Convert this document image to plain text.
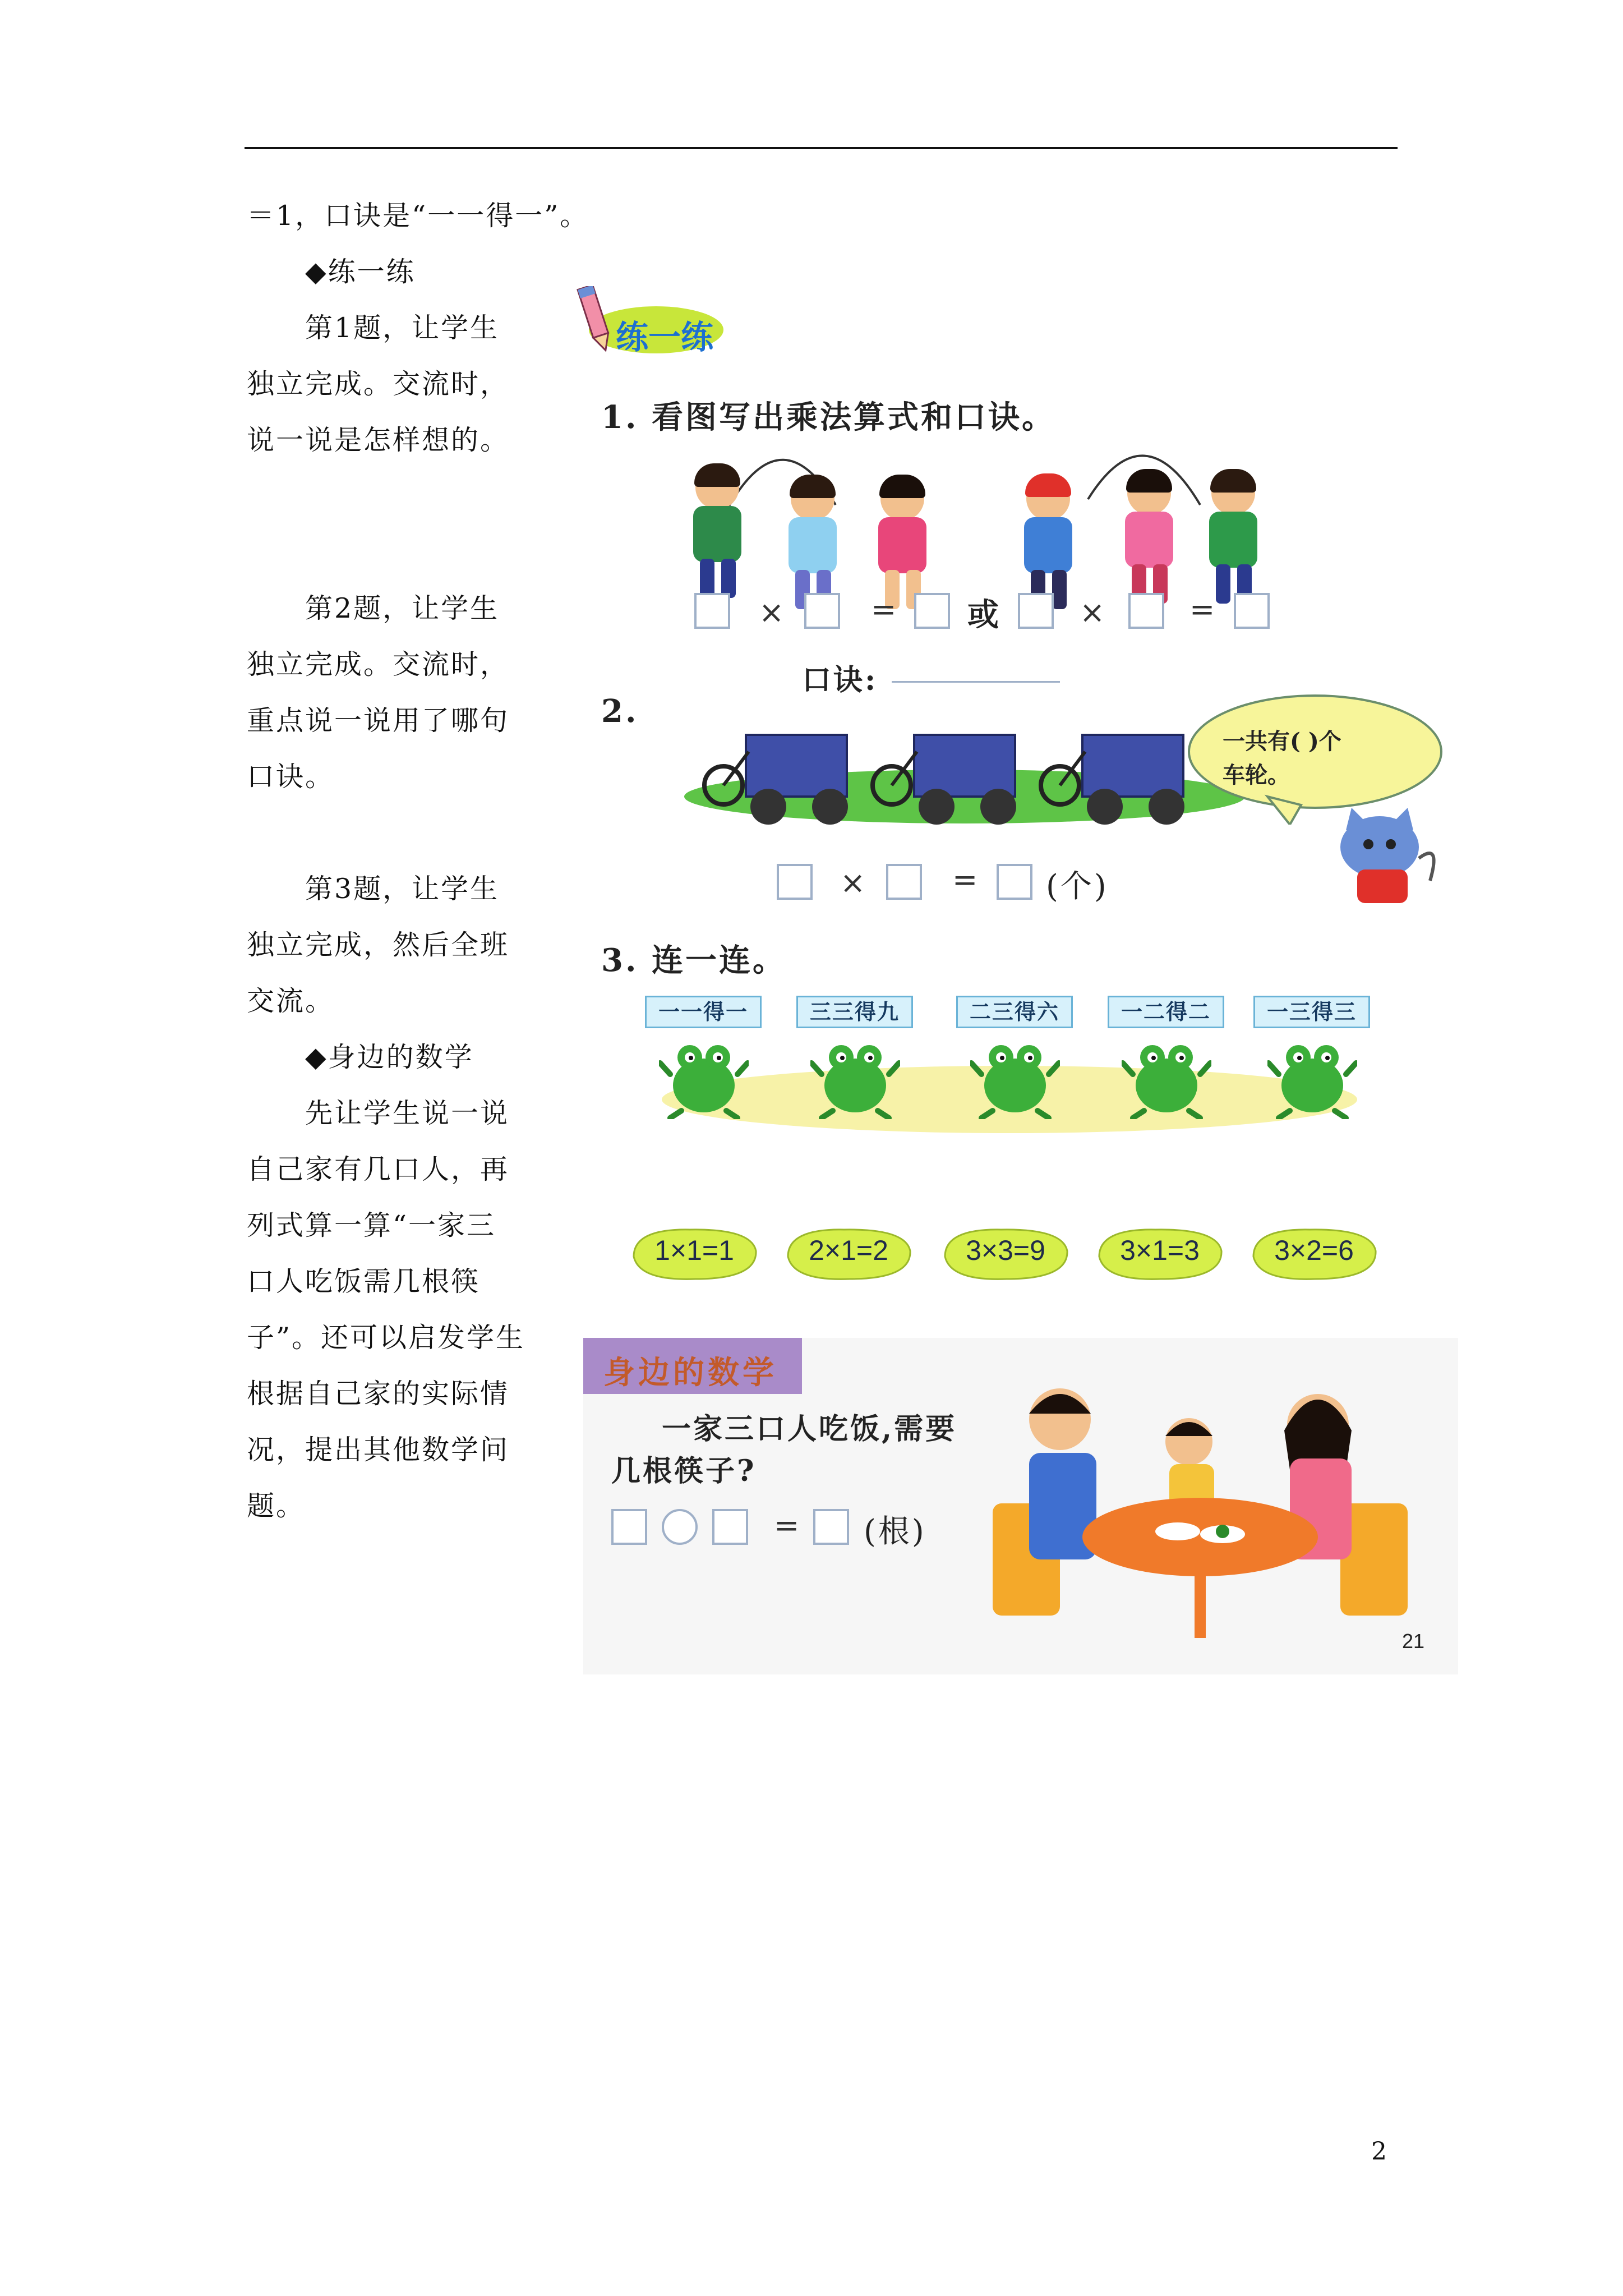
＝1，口诀是“一一得一”。
◆练一练
第1题，让学生
独立完成。交流时，
说一说是怎样想的。
第2题，让学生
独立完成。交流时，
重点说一说用了哪句
口诀。
第3题，让学生
独立完成，然后全班
交流。
◆身边的数学
先让学生说一说
自己家有几口人，再
列式算一算“一家三
口人吃饭需几根筷
子”。还可以启发学生
根据自己家的实际情
况，提出其他数学问
题。
练一练
1. 看图写出乘法算式和口诀。
×	= 或	×	=
口诀:
2.
一共有( )个
车轮。
×	= (个)
3. 连一连。
一一得一	三三得九	二三得六	一二得二	一三得三
1×1=1	2×1=2	3×3=9	3×1=3	3×2=6
身边的数学
一家三口人吃饭,需要
几根筷子?
= (根)
21
2
